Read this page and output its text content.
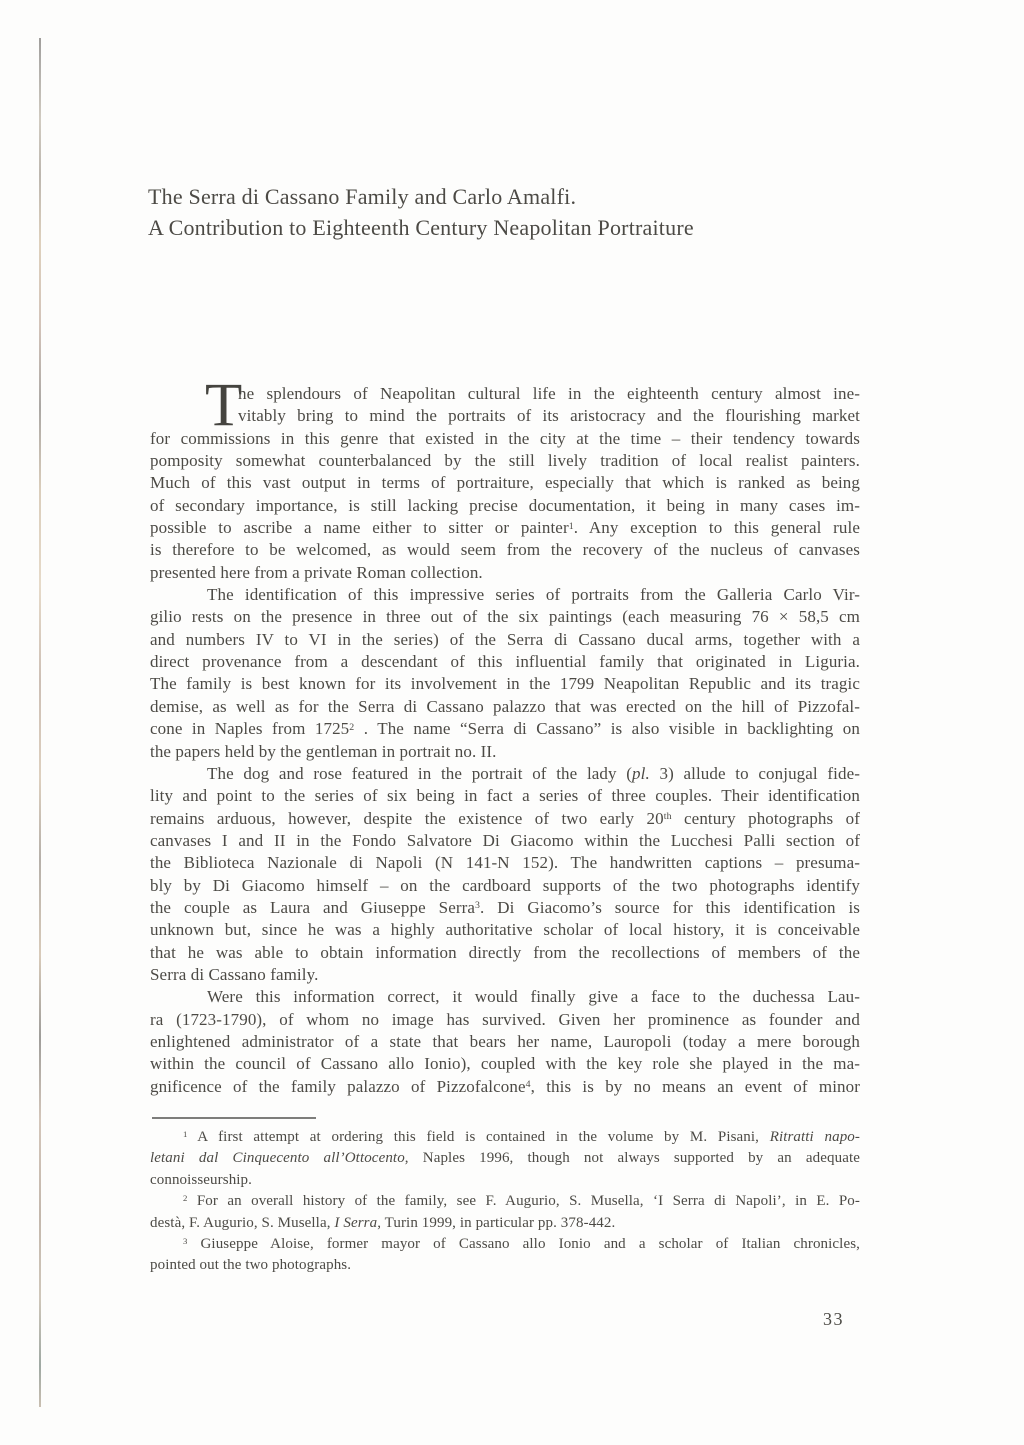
The Serra di Cassano Family and Carlo Amalfi.
A Contribution to Eighteenth Century Neapolitan Portraiture
T
he splendours of Neapolitan cultural life in the eighteenth century almost ine-
vitably bring to mind the portraits of its aristocracy and the flourishing market
for commissions in this genre that existed in the city at the time – their tendency towards
pomposity somewhat counterbalanced by the still lively tradition of local realist painters.
Much of this vast output in terms of portraiture, especially that which is ranked as being
of secondary importance, is still lacking precise documentation, it being in many cases im-
possible to ascribe a name either to sitter or painter$^1$. Any exception to this general rule
is therefore to be welcomed, as would seem from the recovery of the nucleus of canvases
presented here from a private Roman collection.
The identification of this impressive series of portraits from the Galleria Carlo Vir-
gilio rests on the presence in three out of the six paintings (each measuring 76 × 58,5 cm
and numbers IV to VI in the series) of the Serra di Cassano ducal arms, together with a
direct provenance from a descendant of this influential family that originated in Liguria.
The family is best known for its involvement in the 1799 Neapolitan Republic and its tragic
demise, as well as for the Serra di Cassano palazzo that was erected on the hill of Pizzofal-
cone in Naples from 1725$^2$ . The name “Serra di Cassano” is also visible in backlighting on
the papers held by the gentleman in portrait no. II.
The dog and rose featured in the portrait of the lady (pl. 3) allude to conjugal fide-
lity and point to the series of six being in fact a series of three couples. Their identification
remains arduous, however, despite the existence of two early 20th century photographs of
canvases I and II in the Fondo Salvatore Di Giacomo within the Lucchesi Palli section of
the Biblioteca Nazionale di Napoli (N 141-N 152). The handwritten captions – presuma-
bly by Di Giacomo himself – on the cardboard supports of the two photographs identify
the couple as Laura and Giuseppe Serra$^3$. Di Giacomo’s source for this identification is
unknown but, since he was a highly authoritative scholar of local history, it is conceivable
that he was able to obtain information directly from the recollections of members of the
Serra di Cassano family.
Were this information correct, it would finally give a face to the duchessa Lau-
ra (1723-1790), of whom no image has survived. Given her prominence as founder and
enlightened administrator of a state that bears her name, Lauropoli (today a mere borough
within the council of Cassano allo Ionio), coupled with the key role she played in the ma-
gnificence of the family palazzo of Pizzofalcone$^4$, this is by no means an event of minor
$^1$ A first attempt at ordering this field is contained in the volume by M. Pisani, Ritratti napo-
letani dal Cinquecento all’Ottocento, Naples 1996, though not always supported by an adequate
connoisseurship.
$^2$ For an overall history of the family, see F. Augurio, S. Musella, ‘I Serra di Napoli’, in E. Po-
destà, F. Augurio, S. Musella, I Serra, Turin 1999, in particular pp. 378-442.
$^3$ Giuseppe Aloise, former mayor of Cassano allo Ionio and a scholar of Italian chronicles,
pointed out the two photographs.
33
